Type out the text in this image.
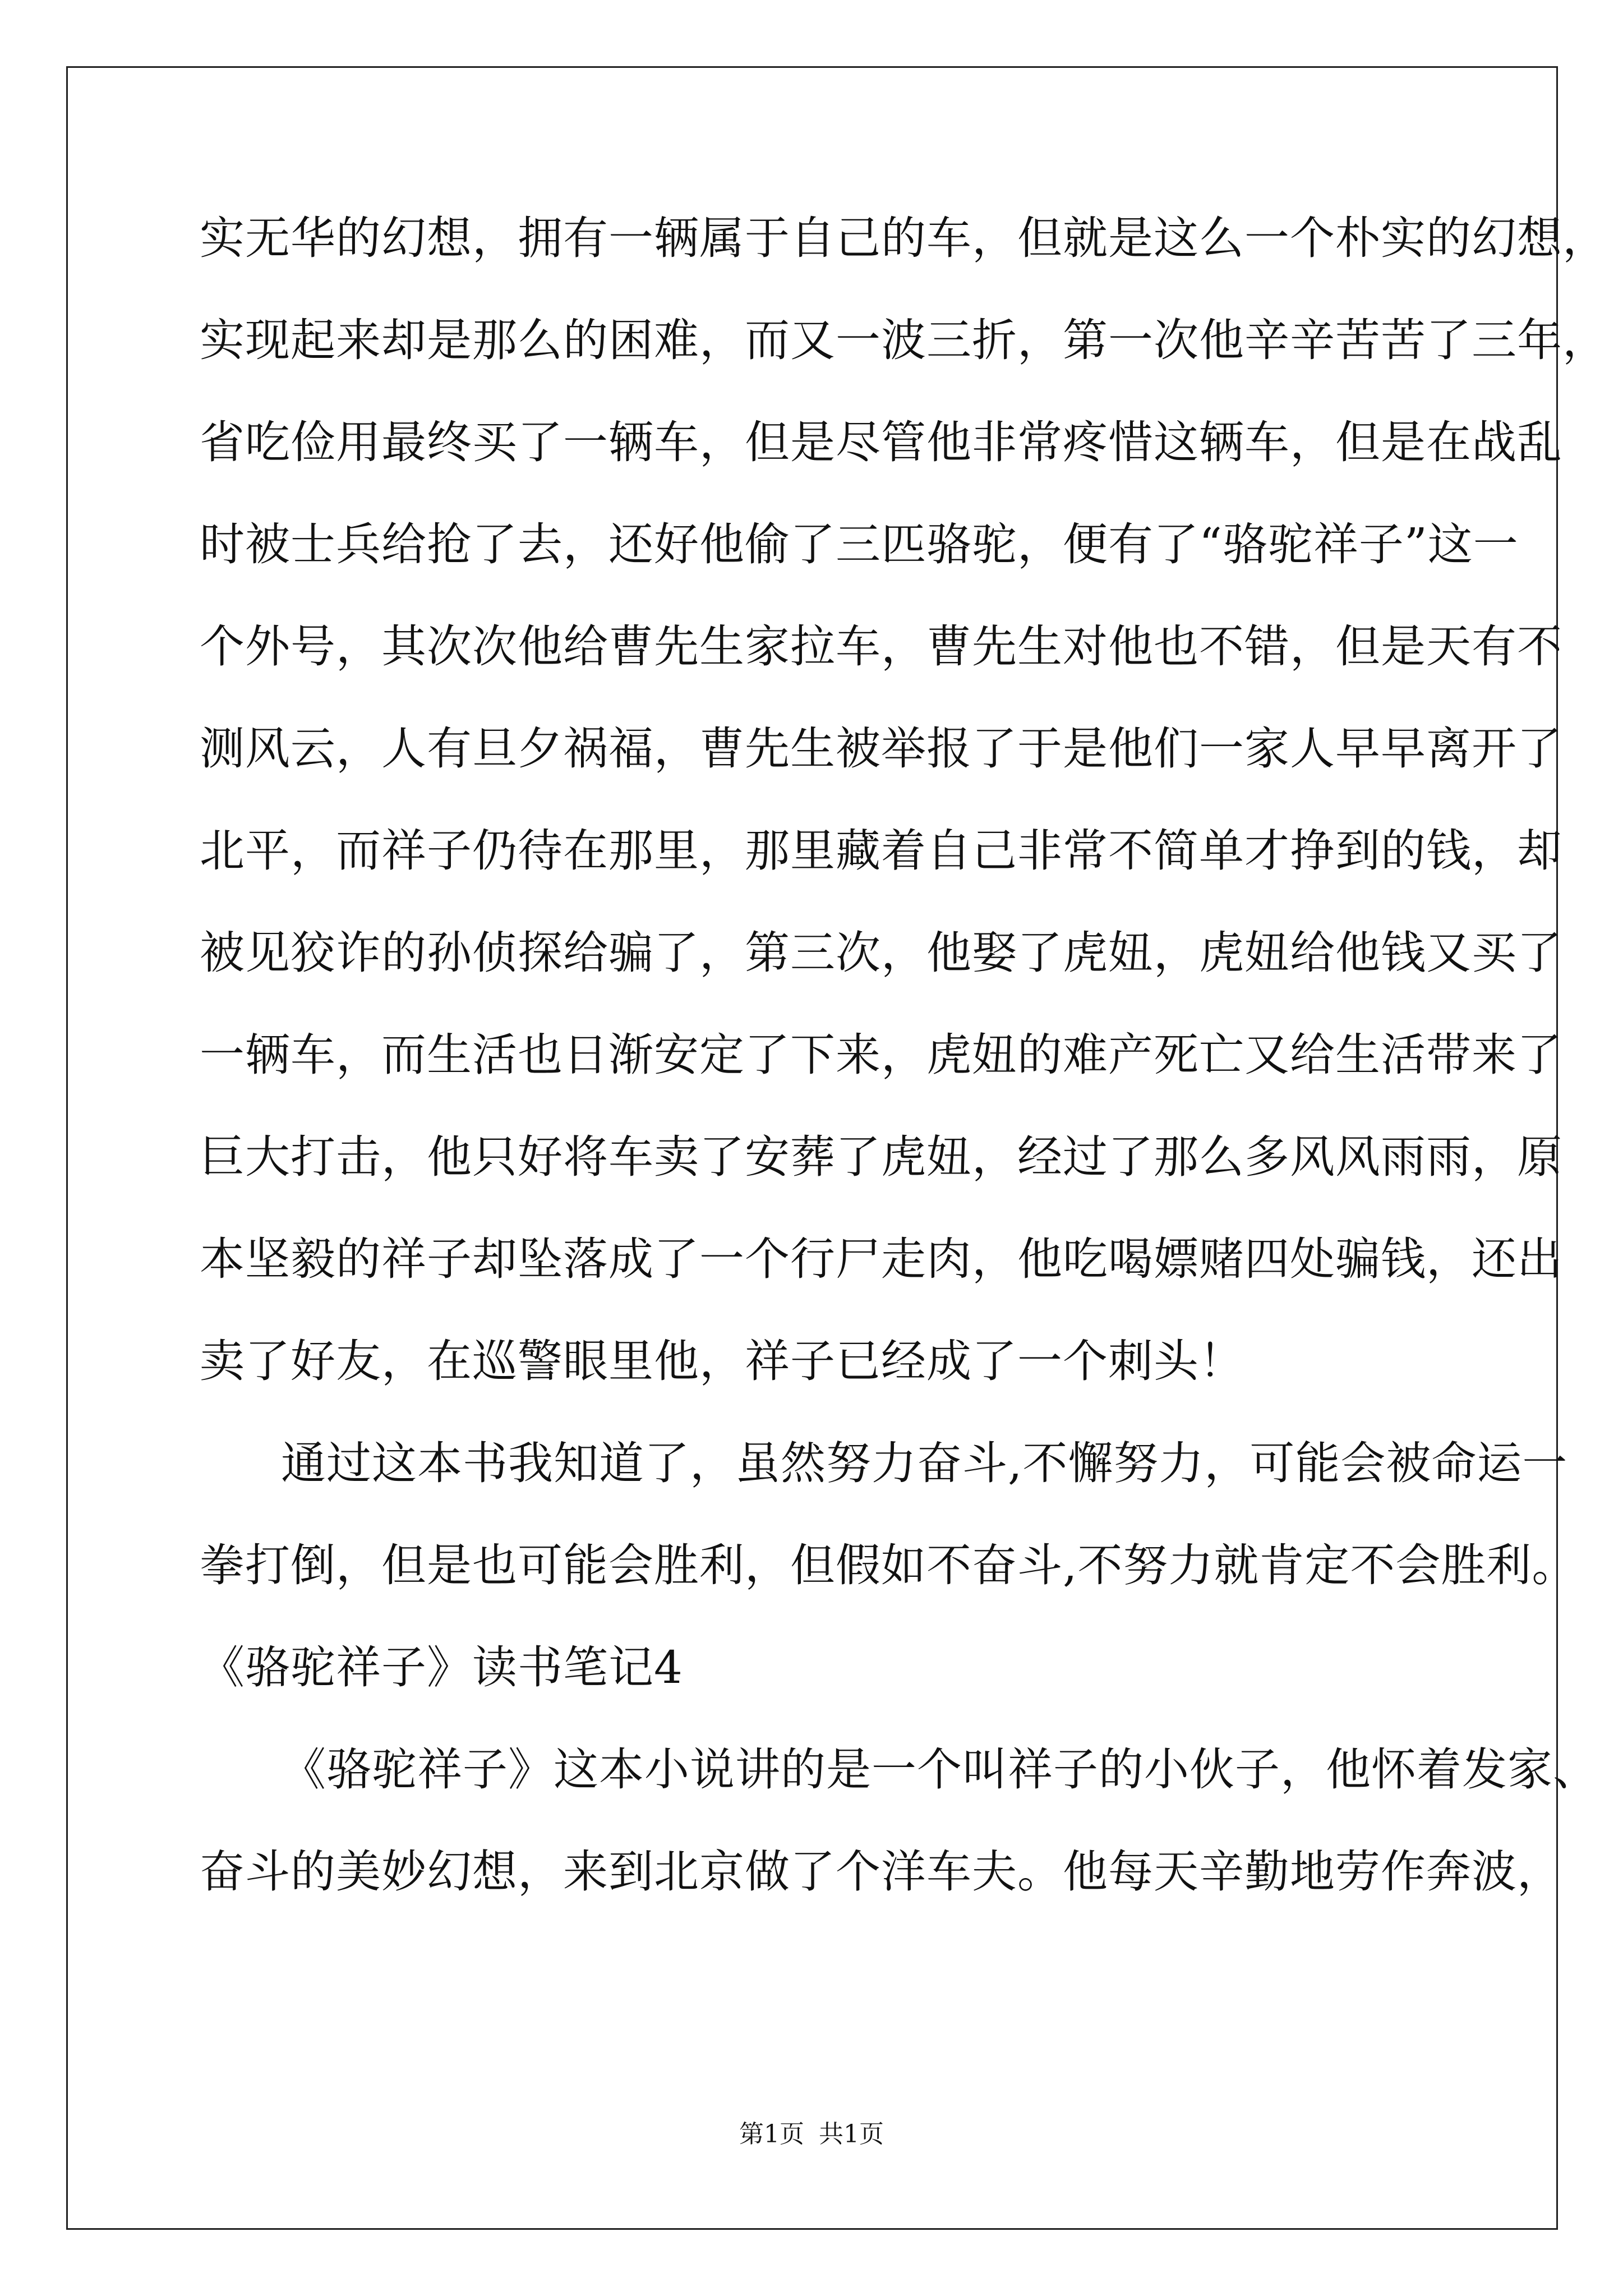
实无华的幻想，拥有一辆属于自己的车，但就是这么一个朴实的幻想，
实现起来却是那么的困难，而又一波三折，第一次他辛辛苦苦了三年，
省吃俭用最终买了一辆车，但是尽管他非常疼惜这辆车，但是在战乱
时被士兵给抢了去，还好他偷了三匹骆驼，便有了“骆驼祥子”这一
个外号，其次次他给曹先生家拉车，曹先生对他也不错，但是天有不
测风云，人有旦夕祸福，曹先生被举报了于是他们一家人早早离开了
北平，而祥子仍待在那里，那里藏着自己非常不简单才挣到的钱，却
被见狡诈的孙侦探给骗了，第三次，他娶了虎妞，虎妞给他钱又买了
一辆车，而生活也日渐安定了下来，虎妞的难产死亡又给生活带来了
巨大打击，他只好将车卖了安葬了虎妞，经过了那么多风风雨雨，原
本坚毅的祥子却坠落成了一个行尸走肉，他吃喝嫖赌四处骗钱，还出
卖了好友，在巡警眼里他，祥子已经成了一个刺头！
通过这本书我知道了，虽然努力奋斗,不懈努力，可能会被命运一
拳打倒，但是也可能会胜利，但假如不奋斗,不努力就肯定不会胜利。
《骆驼祥子》读书笔记4
《骆驼祥子》这本小说讲的是一个叫祥子的小伙子，他怀着发家、
奋斗的美妙幻想，来到北京做了个洋车夫。他每天辛勤地劳作奔波，
第1页 共1页
